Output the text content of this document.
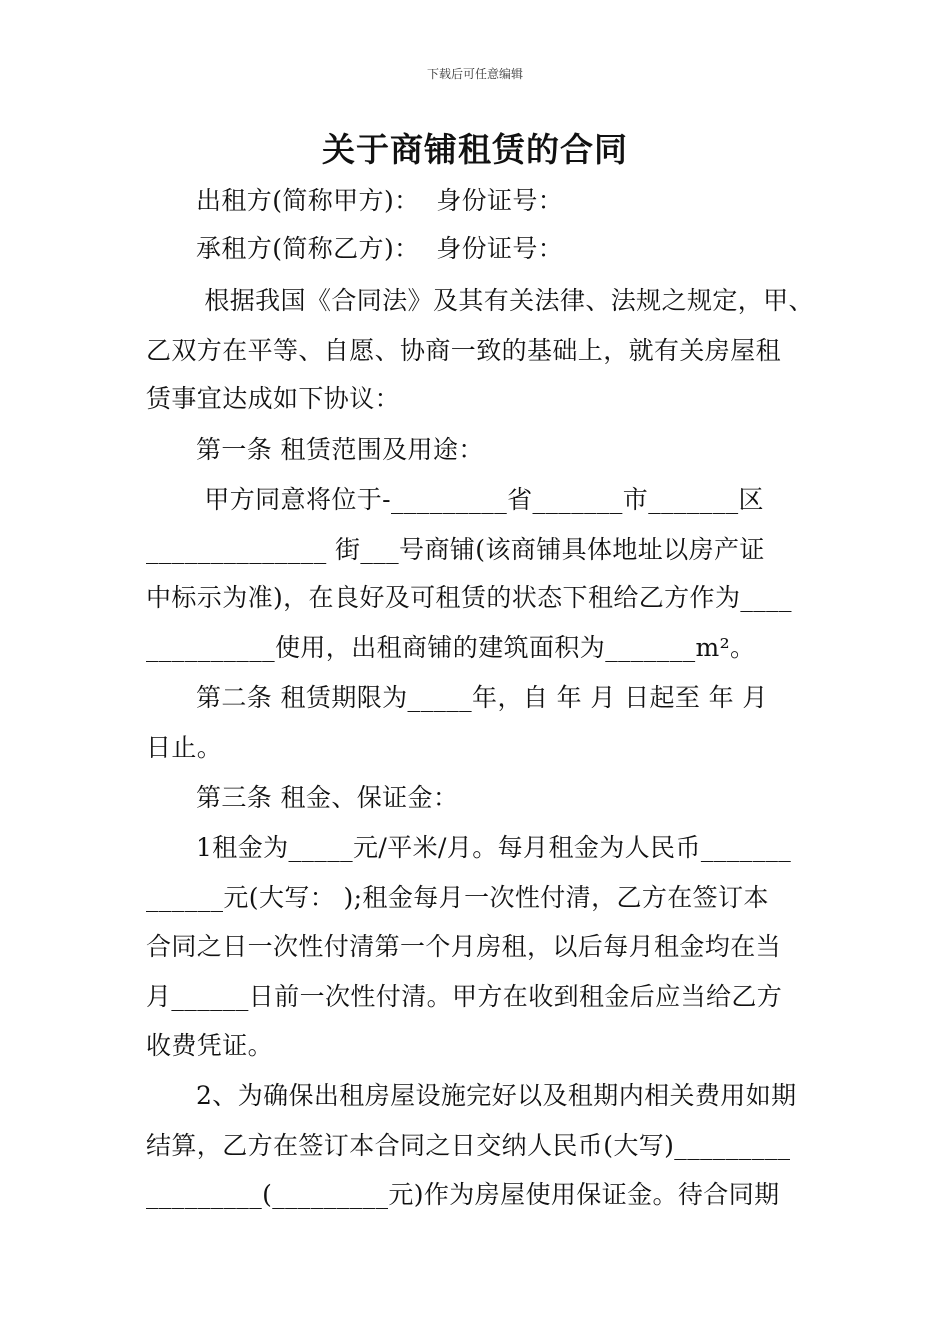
下载后可任意编辑
关于商铺租赁的合同
出租方(简称甲方)：  身份证号：
承租方(简称乙方)：  身份证号：
根据我国《合同法》及其有关法律、法规之规定，甲、
乙双方在平等、自愿、协商一致的基础上，就有关房屋租
赁事宜达成如下协议：
第一条 租赁范围及用途：
甲方同意将位于-_________省_______市_______区
______________ 街___号商铺(该商铺具体地址以房产证
中标示为准)，在良好及可租赁的状态下租给乙方作为____
__________使用，出租商铺的建筑面积为_______m²。
第二条 租赁期限为_____年，自 年 月 日起至 年 月
日止。
第三条 租金、保证金：
1租金为_____元/平米/月。每月租金为人民币_______
______元(大写： );租金每月一次性付清，乙方在签订本
合同之日一次性付清第一个月房租，以后每月租金均在当
月______日前一次性付清。甲方在收到租金后应当给乙方
收费凭证。
2、为确保出租房屋设施完好以及租期内相关费用如期
结算，乙方在签订本合同之日交纳人民币(大写)_________
_________(_________元)作为房屋使用保证金。待合同期
